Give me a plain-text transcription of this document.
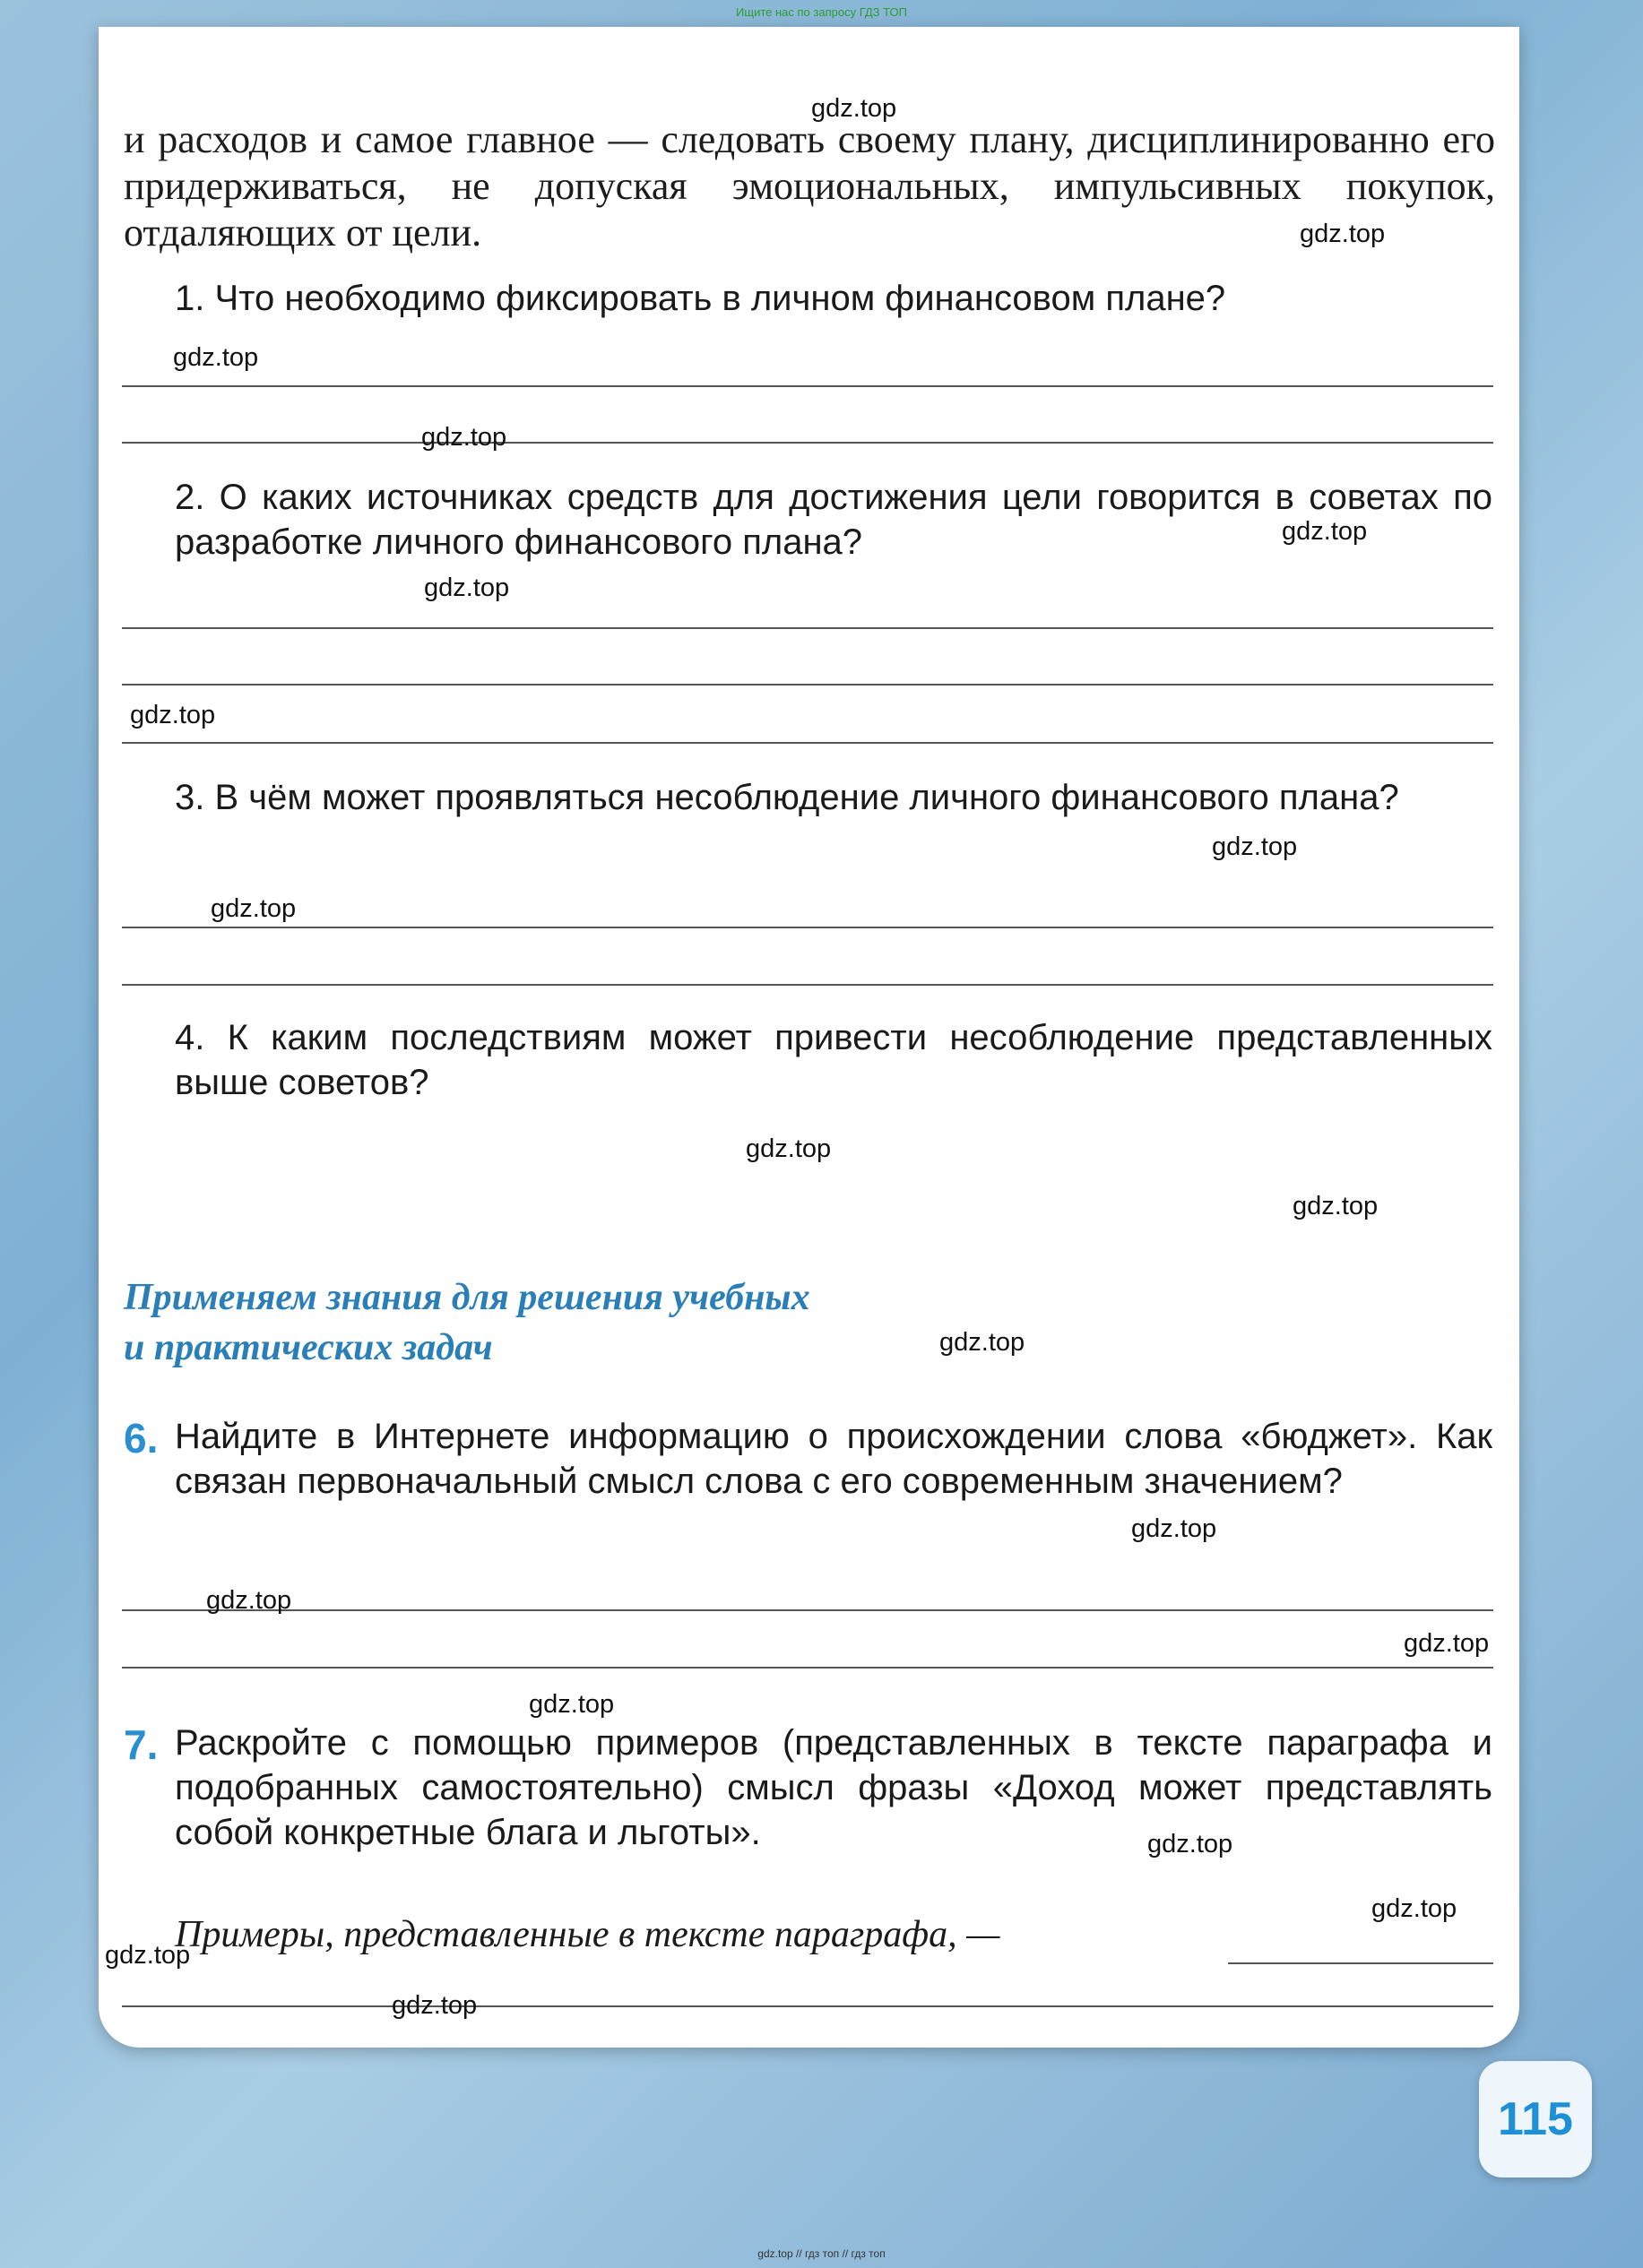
Ищите нас по запросу ГДЗ ТОП
и расходов и самое главное — следовать своему плану, дисциплинированно его придерживаться, не допуская эмоциональных, импульсивных покупок, отдаляющих от цели.
1. Что необходимо фиксировать в личном финансовом плане?
2. О каких источниках средств для достижения цели говорится в советах по разработке личного финансового плана?
3. В чём может проявляться несоблюдение личного финансового плана?
4. К каким последствиям может привести несоблюдение представленных выше советов?
Применяем знания для решения учебных
и практических задач
6. Найдите в Интернете информацию о происхождении слова «бюджет». Как связан первоначальный смысл слова с его современным значением?
7. Раскройте с помощью примеров (представленных в тексте параграфа и подобранных самостоятельно) смысл фразы «Доход может представлять собой конкретные блага и льготы».
Примеры, представленные в тексте параграфа, —
gdz.top
gdz.top
gdz.top
gdz.top
gdz.top
gdz.top
gdz.top
gdz.top
gdz.top
gdz.top
gdz.top
gdz.top
gdz.top
gdz.top
gdz.top
gdz.top
gdz.top
gdz.top
gdz.top
gdz.top
115
gdz.top // гдз топ // гдз топ
